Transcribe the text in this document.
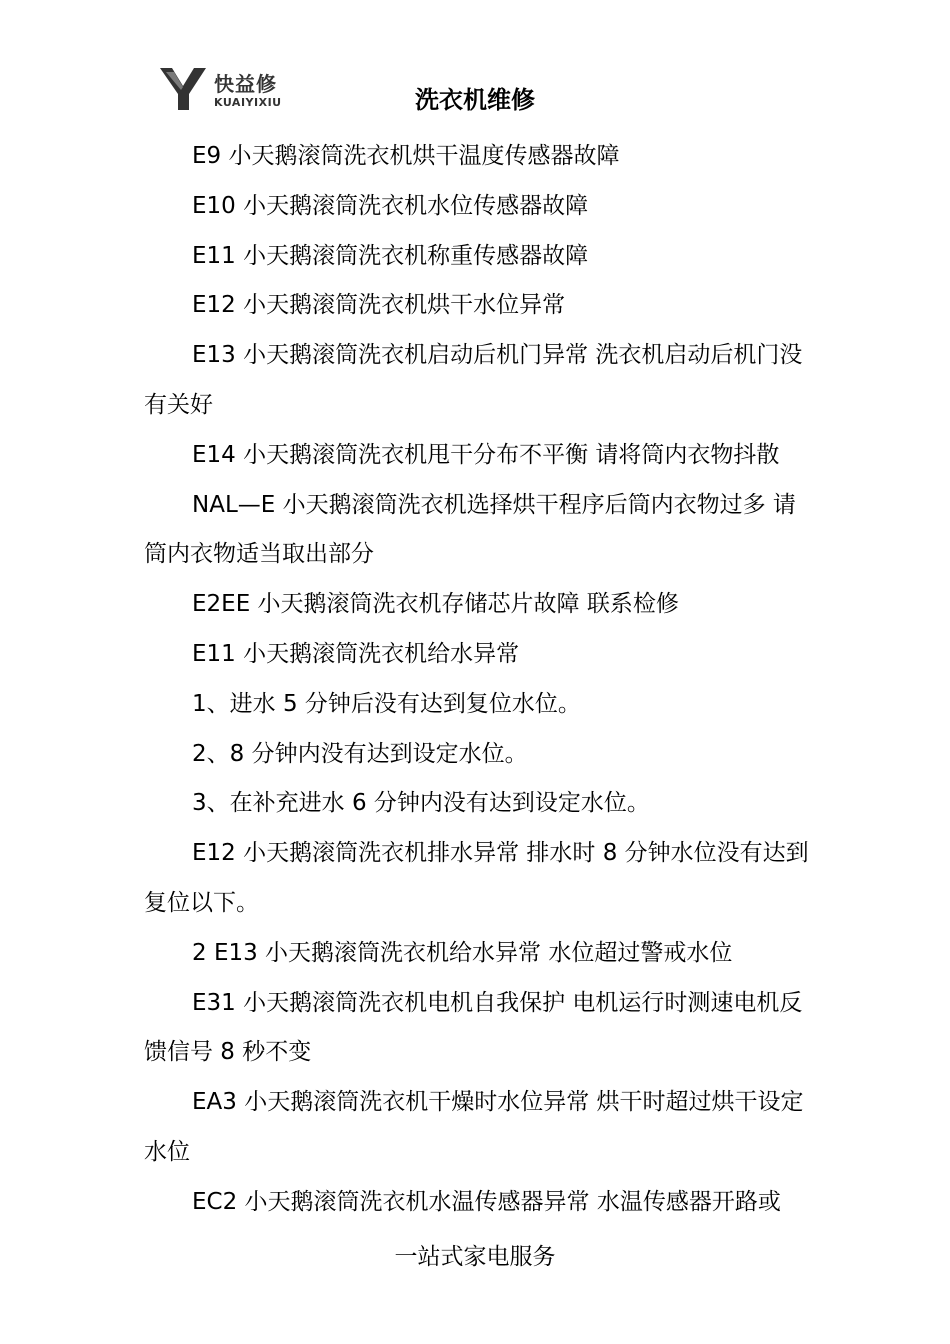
快益修
KUAIYIXIU	洗衣机维修

E9 小天鹅滚筒洗衣机烘干温度传感器故障

E10 小天鹅滚筒洗衣机水位传感器故障

E11 小天鹅滚筒洗衣机称重传感器故障

E12 小天鹅滚筒洗衣机烘干水位异常

E13 小天鹅滚筒洗衣机启动后机门异常 洗衣机启动后机门没有关好

E14 小天鹅滚筒洗衣机甩干分布不平衡 请将筒内衣物抖散

NAL—E 小天鹅滚筒洗衣机选择烘干程序后筒内衣物过多 请筒内衣物适当取出部分

E2EE 小天鹅滚筒洗衣机存储芯片故障 联系检修

E11 小天鹅滚筒洗衣机给水异常

1、进水 5 分钟后没有达到复位水位。

2、8 分钟内没有达到设定水位。

3、在补充进水 6 分钟内没有达到设定水位。

E12 小天鹅滚筒洗衣机排水异常 排水时 8 分钟水位没有达到复位以下。

2 E13 小天鹅滚筒洗衣机给水异常 水位超过警戒水位

E31 小天鹅滚筒洗衣机电机自我保护 电机运行时测速电机反馈信号 8 秒不变

EA3 小天鹅滚筒洗衣机干燥时水位异常 烘干时超过烘干设定水位

EC2 小天鹅滚筒洗衣机水温传感器异常 水温传感器开路或

一站式家电服务
